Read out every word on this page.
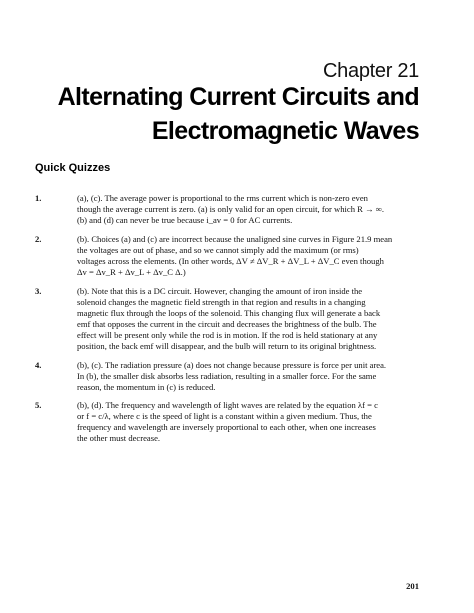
Chapter 21
Alternating Current Circuits and
Electromagnetic Waves
Quick Quizzes
1.	(a), (c). The average power is proportional to the rms current which is non-zero even
though the average current is zero. (a) is only valid for an open circuit, for which R → ∞.
(b) and (d) can never be true because i_av = 0 for AC currents.
2.	(b). Choices (a) and (c) are incorrect because the unaligned sine curves in Figure 21.9 mean
the voltages are out of phase, and so we cannot simply add the maximum (or rms)
voltages across the elements. (In other words, ΔV ≠ ΔV_R + ΔV_L + ΔV_C even though
Δv = Δv_R + Δv_L + Δv_C Δ.)
3.	(b). Note that this is a DC circuit. However, changing the amount of iron inside the
solenoid changes the magnetic field strength in that region and results in a changing
magnetic flux through the loops of the solenoid. This changing flux will generate a back
emf that opposes the current in the circuit and decreases the brightness of the bulb. The
effect will be present only while the rod is in motion. If the rod is held stationary at any
position, the back emf will disappear, and the bulb will return to its original brightness.
4.	(b), (c). The radiation pressure (a) does not change because pressure is force per unit area.
In (b), the smaller disk absorbs less radiation, resulting in a smaller force. For the same
reason, the momentum in (c) is reduced.
5.	(b), (d). The frequency and wavelength of light waves are related by the equation λf = c
or f = c/λ, where c is the speed of light is a constant within a given medium. Thus, the
frequency and wavelength are inversely proportional to each other, when one increases
the other must decrease.
201
